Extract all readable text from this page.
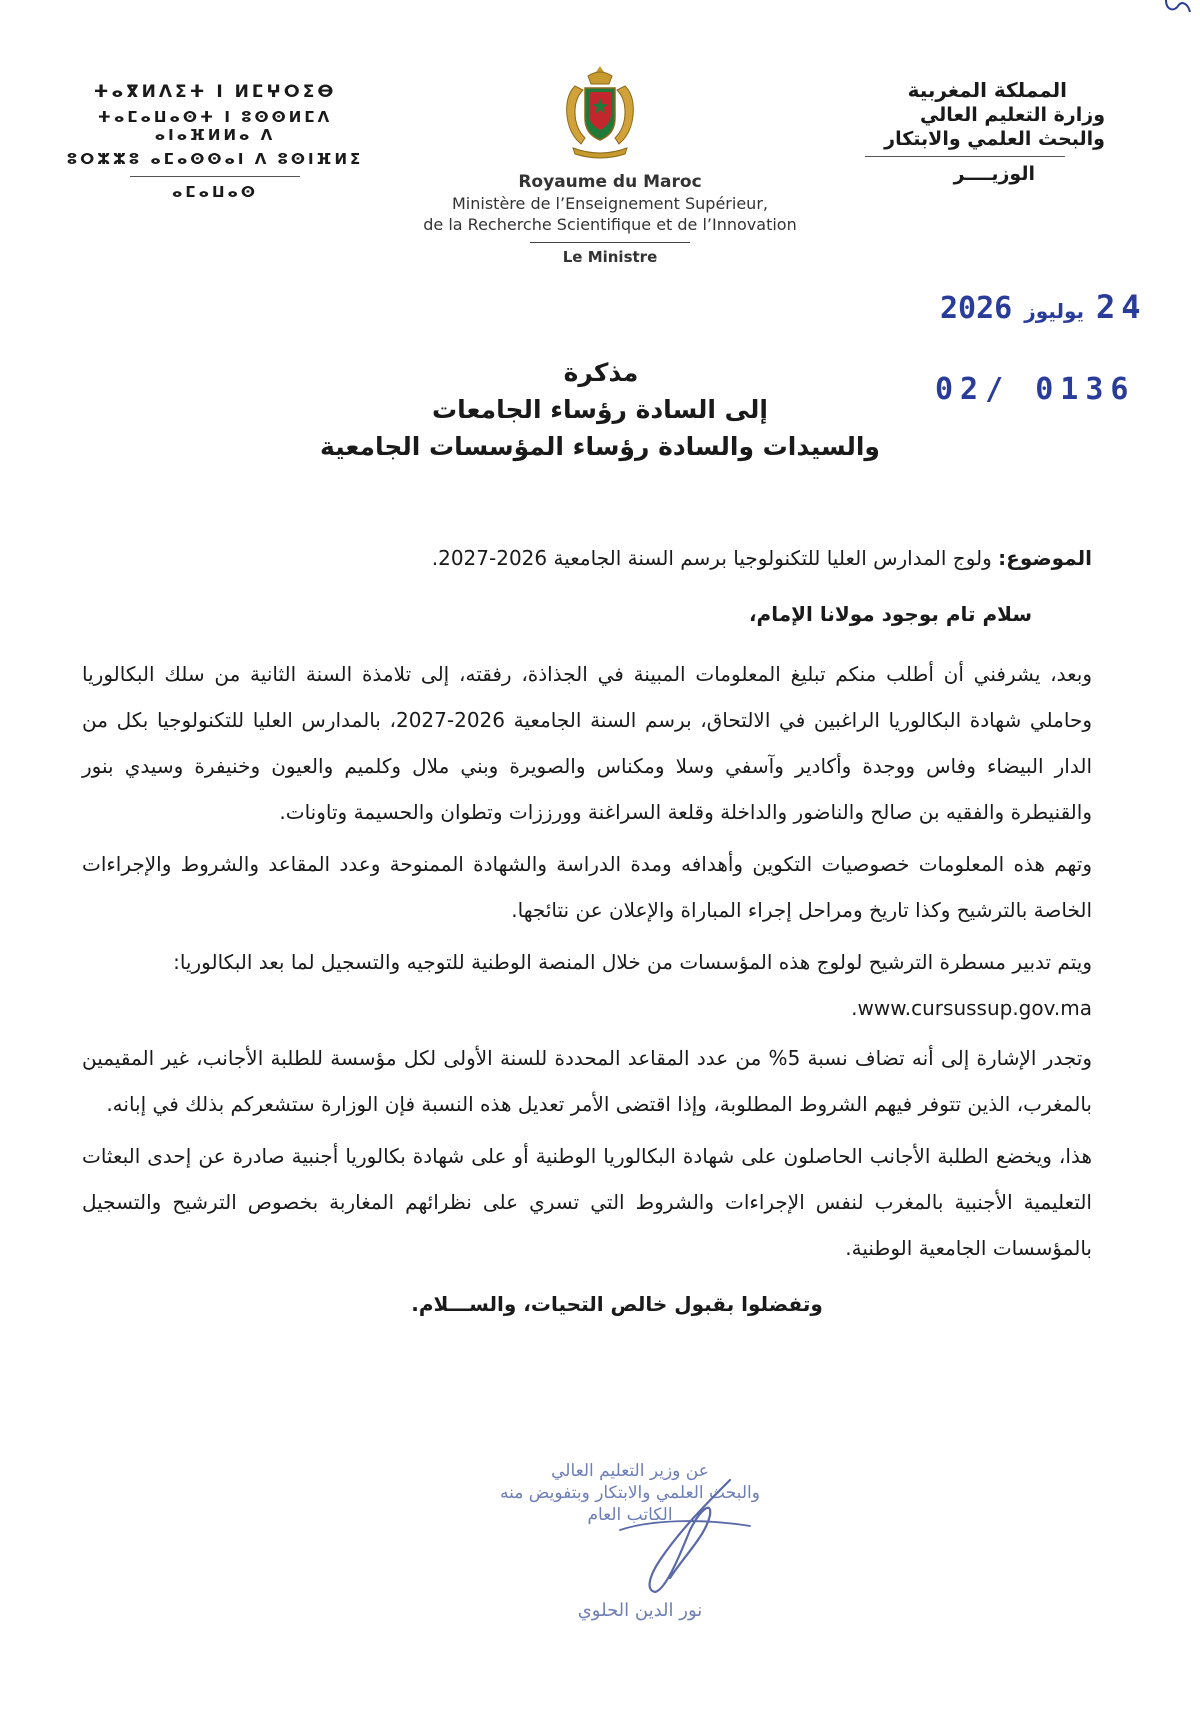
ⵜⴰⴳⵍⴷⵉⵜ ⵏ ⵍⵎⵖⵔⵉⴱ
ⵜⴰⵎⴰⵡⴰⵙⵜ ⵏ ⵓⵙⵙⵍⵎⴷ ⴰⵏⴰⴼⵍⵍⴰ ⴷ
ⵓⵔⵣⵣⵓ ⴰⵎⴰⵙⵙⴰⵏ ⴷ ⵓⵙⵏⴼⵍⵉ
ⴰⵎⴰⵡⴰⵙ
المملكة المغربية
وزارة التعليم العالي
والبحث العلمي والابتكار
الوزيــــر
Royaume du Maroc
Ministère de l’Enseignement Supérieur,
de la Recherche Scientifique et de l’Innovation
Le Ministre
2026 يوليوز 24
02/ 0136
مذكرة
إلى السادة رؤساء الجامعات
والسيدات والسادة رؤساء المؤسسات الجامعية

الموضوع: ولوج المدارس العليا للتكنولوجيا برسم السنة الجامعية 2026-2027.

سلام تام بوجود مولانا الإمام،

وبعد، يشرفني أن أطلب منكم تبليغ المعلومات المبينة في الجذاذة، رفقته، إلى تلامذة السنة الثانية من سلك البكالوريا وحاملي شهادة البكالوريا الراغبين في الالتحاق، برسم السنة الجامعية 2026-2027، بالمدارس العليا للتكنولوجيا بكل من الدار البيضاء وفاس ووجدة وأكادير وآسفي وسلا ومكناس والصويرة وبني ملال وكلميم والعيون وخنيفرة وسيدي بنور والقنيطرة والفقيه بن صالح والناضور والداخلة وقلعة السراغنة وورززات وتطوان والحسيمة وتاونات.

وتهم هذه المعلومات خصوصيات التكوين وأهدافه ومدة الدراسة والشهادة الممنوحة وعدد المقاعد والشروط والإجراءات الخاصة بالترشيح وكذا تاريخ ومراحل إجراء المباراة والإعلان عن نتائجها.

ويتم تدبير مسطرة الترشيح لولوج هذه المؤسسات من خلال المنصة الوطنية للتوجيه والتسجيل لما بعد البكالوريا:

.www.cursussup.gov.ma

وتجدر الإشارة إلى أنه تضاف نسبة 5% من عدد المقاعد المحددة للسنة الأولى لكل مؤسسة للطلبة الأجانب، غير المقيمين بالمغرب، الذين تتوفر فيهم الشروط المطلوبة، وإذا اقتضى الأمر تعديل هذه النسبة فإن الوزارة ستشعركم بذلك في إبانه.

هذا، ويخضع الطلبة الأجانب الحاصلون على شهادة البكالوريا الوطنية أو على شهادة بكالوريا أجنبية صادرة عن إحدى البعثات التعليمية الأجنبية بالمغرب لنفس الإجراءات والشروط التي تسري على نظرائهم المغاربة بخصوص الترشيح والتسجيل بالمؤسسات الجامعية الوطنية.

وتفضلوا بقبول خالص التحيات، والســـلام.

عن وزير التعليم العالي
والبحث العلمي والابتكار وبتفويض منه
الكاتب العام
نور الدين الحلوي
